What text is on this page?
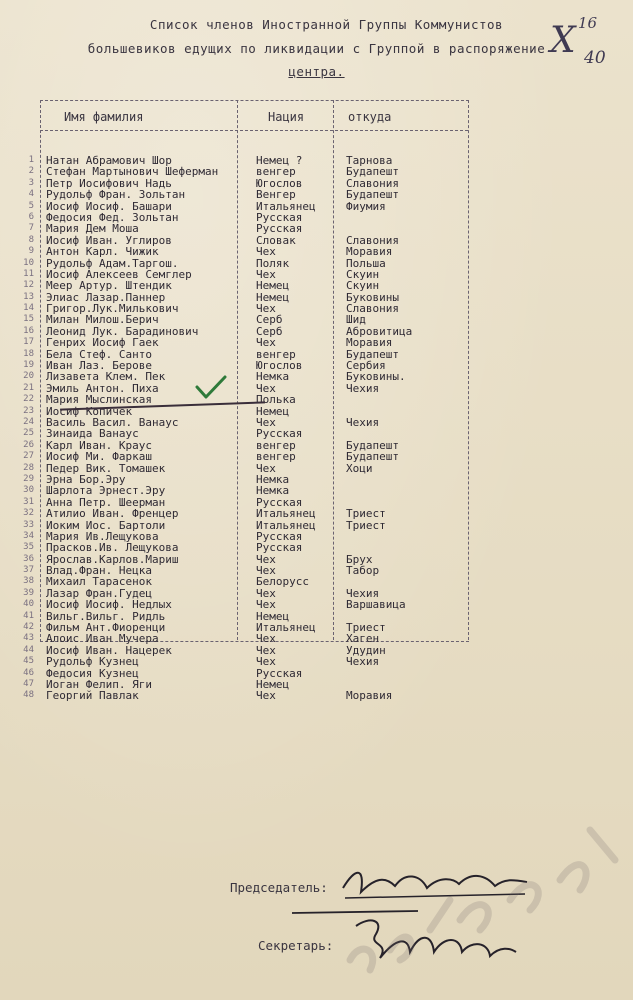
Список членов Иностранной Группы Коммунистов
большевиков едущих по ликвидации с Группой в распоряжение
центра.
Х 16
40
Имя фамилия	Нация	откуда
1 Натан Абрамович Шор	Немец ?	Тарнова
2 Стефан Мартынович Шеферман	венгер	Будапешт
3 Петр Иосифович Надь	Югослов	Славония
4 Рудольф Фран. Зольтан	Венгер	Будапешт
5 Иосиф Иосиф. Башари	Итальянец	Фиумия
6 Федосия Фед. Зольтан	Русская
7 Мария Дем Моша	Русская
8 Иосиф Иван. Углиров	Словак	Славония
9 Антон Карл. Чижик	Чех	Моравия
10 Рудольф Адам.Таргош.	Поляк	Польша
11 Иосиф Алексеев Семглер	Чех	Скуин
12 Меер Артур. Штендик	Немец	Скуин
13 Элиас Лазар.Паннер	Немец	Буковины
14 Григор.Лук.Милькович	Чех	Славония
15 Милан Милош.Берич	Серб	Шид
16 Леонид Лук. Барадинович	Серб	Абровитица
17 Генрих Иосиф Гаек	Чех	Моравия
18 Бела Стеф. Санто	венгер	Будапешт
19 Иван Лаз. Берове	Югослов	Сербия
20 Лизавета Клем. Пек	Немка	Буковины.
21 Эмиль Антон. Пиха	Чех	Чехия
22 Мария Мыслинская	Полька
23 Иосиф Копичек	Немец
24 Василь Васил. Ванаус	Чех	Чехия
25 Зинаида Ванаус	Русская
26 Карл Иван. Краус	венгер	Будапешт
27 Иосиф Ми. Фаркаш	венгер	Будапешт
28 Педер Вик. Томашек	Чех	Хоци
29 Эрна Бор.Эру	Немка
30 Шарлота Эрнест.Эру	Немка
31 Анна Петр. Шеерман	Русская
32 Атилио Иван. Френцер	Итальянец	Триест
33 Иоким Иос. Бартоли	Итальянец	Триест
34 Мария Ив.Лещукова	Русская
35 Прасков.Ив. Лещукова	Русская
36 Ярослав.Карлов.Мариш	Чех	Брух
37 Влад.Фран. Нецка	Чех	Табор
38 Михаил Тарасенок	Белорусс
39 Лазар Фран.Гудец	Чех	Чехия
40 Иосиф Иосиф. Недлых	Чех	Варшавица
41 Вильг.Вильг. Ридль	Немец
42 Фильм Ант.Фиоренци	Итальянец	Триест
43 Алоис Иван Мучера	Чех	Хаген
44 Иосиф Иван. Нацерек	Чех	Удудин
45 Рудольф Кузнец	Чех	Чехия
46 Федосия Кузнец	Русская
47 Иоган Фелип. Яги	Немец
48 Георгий Павлак	Чех	Моравия
Председатель:
Секретарь:
